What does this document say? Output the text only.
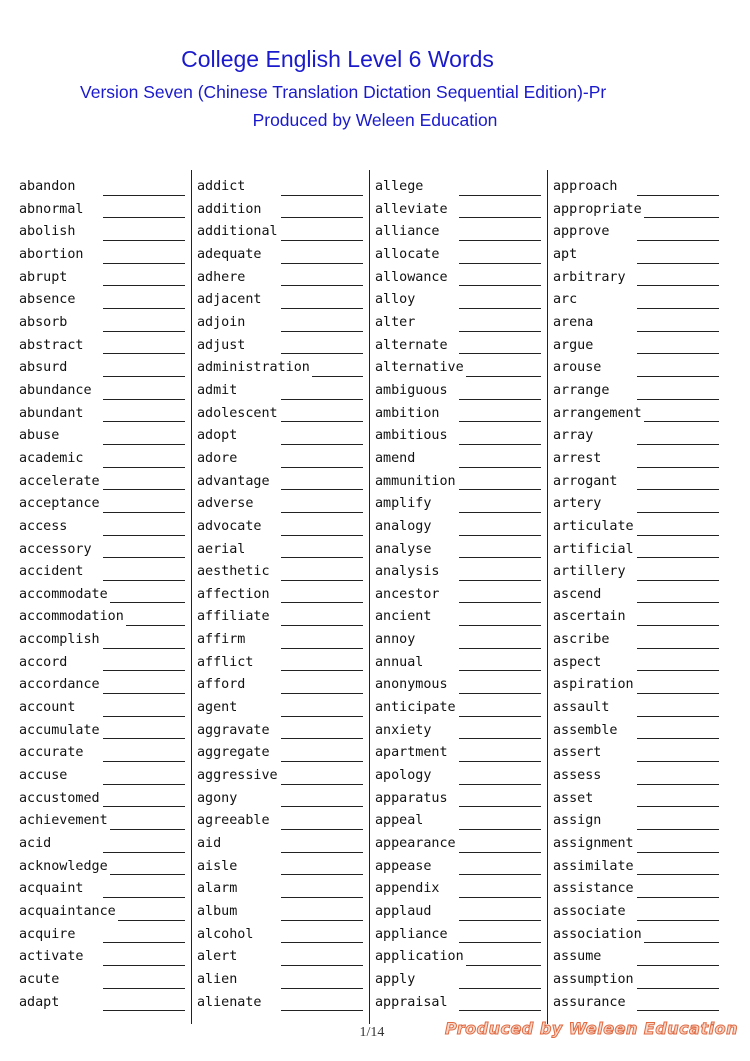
College English Level 6 Words
Version Seven (Chinese Translation Dictation Sequential Edition)-Pr
Produced by Weleen Education
abandon
abnormal
abolish
abortion
abrupt
absence
absorb
abstract
absurd
abundance
abundant
abuse
academic
accelerate
acceptance
access
accessory
accident
accommodate
accommodation
accomplish
accord
accordance
account
accumulate
accurate
accuse
accustomed
achievement
acid
acknowledge
acquaint
acquaintance
acquire
activate
acute
adapt
addict
addition
additional
adequate
adhere
adjacent
adjoin
adjust
administration
admit
adolescent
adopt
adore
advantage
adverse
advocate
aerial
aesthetic
affection
affiliate
affirm
afflict
afford
agent
aggravate
aggregate
aggressive
agony
agreeable
aid
aisle
alarm
album
alcohol
alert
alien
alienate
allege
alleviate
alliance
allocate
allowance
alloy
alter
alternate
alternative
ambiguous
ambition
ambitious
amend
ammunition
amplify
analogy
analyse
analysis
ancestor
ancient
annoy
annual
anonymous
anticipate
anxiety
apartment
apology
apparatus
appeal
appearance
appease
appendix
applaud
appliance
application
apply
appraisal
approach
appropriate
approve
apt
arbitrary
arc
arena
argue
arouse
arrange
arrangement
array
arrest
arrogant
artery
articulate
artificial
artillery
ascend
ascertain
ascribe
aspect
aspiration
assault
assemble
assert
assess
asset
assign
assignment
assimilate
assistance
associate
association
assume
assumption
assurance
1/14	Produced by Weleen Education
